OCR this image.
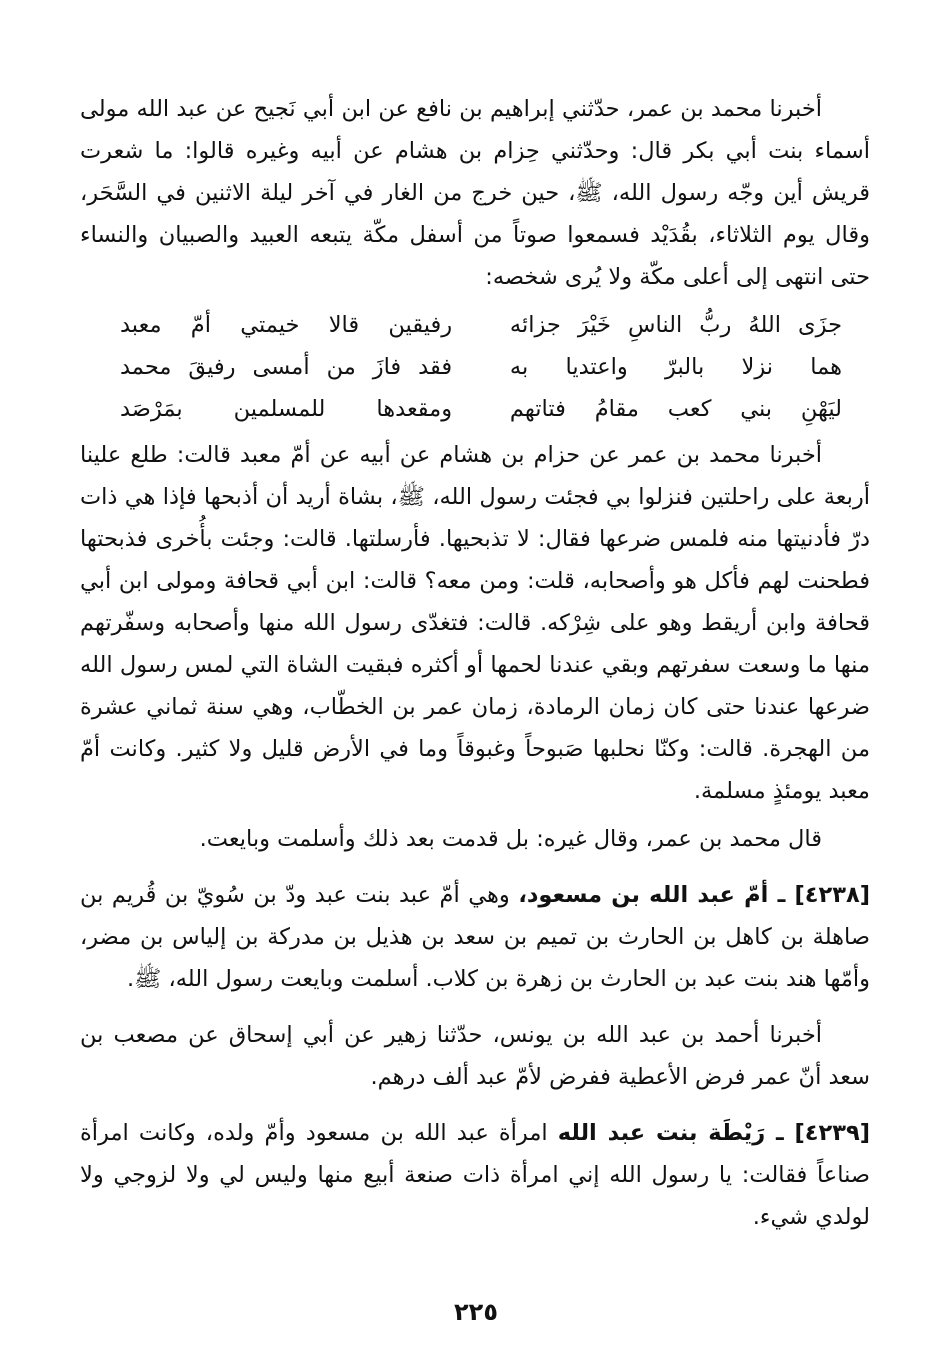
أخبرنا محمد بن عمر، حدّثني إبراهيم بن نافع عن ابن أبي نَجيح عن عبد الله مولى أسماء بنت أبي بكر قال: وحدّثني حِزام بن هشام عن أبيه وغيره قالوا: ما شعرت قريش أين وجّه رسول الله، ﷺ، حين خرج من الغار في آخر ليلة الاثنين في السَّحَر، وقال يوم الثلاثاء، بقُدَيْد فسمعوا صوتاً من أسفل مكّة يتبعه العبيد والصبيان والنساء حتى انتهى إلى أعلى مكّة ولا يُرى شخصه:

جزَى اللهُ ربُّ الناسِ خَيْرَ جزائه
رفيقين قالا خيمتي أمّ معبد
هما نزلا بالبرّ واعتديا به
فقد فازَ من أمسى رفيقَ محمد
ليَهْنِ بني كعب مقامُ فتاتهم
ومقعدها للمسلمين بمَرْصَد

أخبرنا محمد بن عمر عن حزام بن هشام عن أبيه عن أمّ معبد قالت: طلع علينا أربعة على راحلتين فنزلوا بي فجئت رسول الله، ﷺ، بشاة أريد أن أذبحها فإذا هي ذات درّ فأدنيتها منه فلمس ضرعها فقال: لا تذبحيها. فأرسلتها. قالت: وجئت بأُخرى فذبحتها فطحنت لهم فأكل هو وأصحابه، قلت: ومن معه؟ قالت: ابن أبي قحافة ومولى ابن أبي قحافة وابن أريقط وهو على شِرْكه. قالت: فتغدّى رسول الله منها وأصحابه وسفّرتهم منها ما وسعت سفرتهم وبقي عندنا لحمها أو أكثره فبقيت الشاة التي لمس رسول الله ضرعها عندنا حتى كان زمان الرمادة، زمان عمر بن الخطّاب، وهي سنة ثماني عشرة من الهجرة. قالت: وكنّا نحلبها صَبوحاً وغبوقاً وما في الأرض قليل ولا كثير. وكانت أمّ معبد يومئذٍ مسلمة.

قال محمد بن عمر، وقال غيره: بل قدمت بعد ذلك وأسلمت وبايعت.

[٤٢٣٨] ـ أمّ عبد الله بن مسعود، وهي أمّ عبد بنت عبد ودّ بن سُويّ بن قُريم بن صاهلة بن كاهل بن الحارث بن تميم بن سعد بن هذيل بن مدركة بن إلياس بن مضر، وأمّها هند بنت عبد بن الحارث بن زهرة بن كلاب. أسلمت وبايعت رسول الله، ﷺ.

أخبرنا أحمد بن عبد الله بن يونس، حدّثنا زهير عن أبي إسحاق عن مصعب بن سعد أنّ عمر فرض الأعطية ففرض لأمّ عبد ألف درهم.

[٤٢٣٩] ـ رَيْطَة بنت عبد الله امرأة عبد الله بن مسعود وأمّ ولده، وكانت امرأة صناعاً فقالت: يا رسول الله إني امرأة ذات صنعة أبيع منها وليس لي ولا لزوجي ولا لولدي شيء.

٢٢٥
